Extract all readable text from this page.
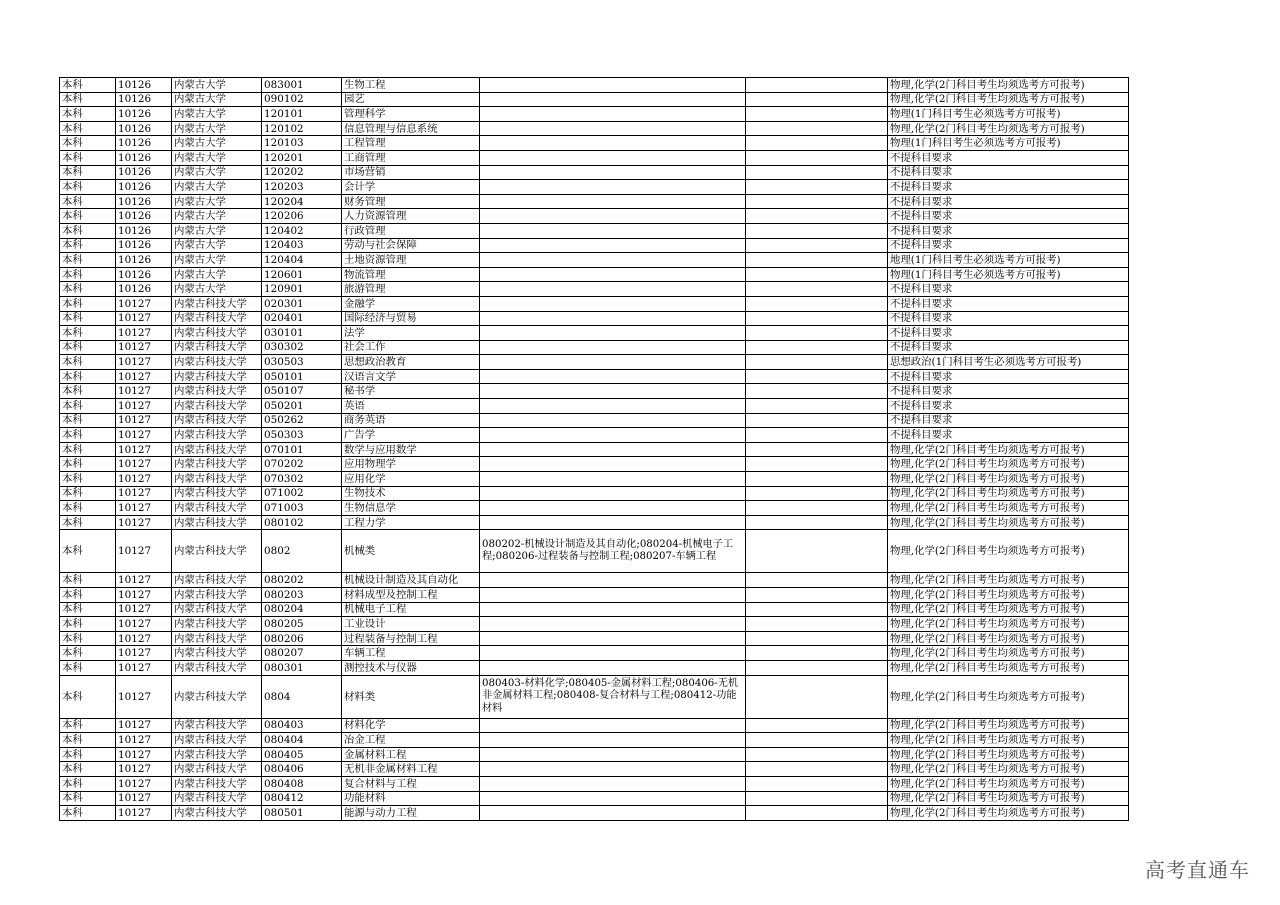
本科	10126	内蒙古大学	083001	生物工程			物理,化学(2门科目考生均须选考方可报考)
本科	10126	内蒙古大学	090102	园艺			物理,化学(2门科目考生均须选考方可报考)
本科	10126	内蒙古大学	120101	管理科学			物理(1门科目考生必须选考方可报考)
本科	10126	内蒙古大学	120102	信息管理与信息系统			物理,化学(2门科目考生均须选考方可报考)
本科	10126	内蒙古大学	120103	工程管理			物理(1门科目考生必须选考方可报考)
本科	10126	内蒙古大学	120201	工商管理			不提科目要求
本科	10126	内蒙古大学	120202	市场营销			不提科目要求
本科	10126	内蒙古大学	120203	会计学			不提科目要求
本科	10126	内蒙古大学	120204	财务管理			不提科目要求
本科	10126	内蒙古大学	120206	人力资源管理			不提科目要求
本科	10126	内蒙古大学	120402	行政管理			不提科目要求
本科	10126	内蒙古大学	120403	劳动与社会保障			不提科目要求
本科	10126	内蒙古大学	120404	土地资源管理			地理(1门科目考生必须选考方可报考)
本科	10126	内蒙古大学	120601	物流管理			物理(1门科目考生必须选考方可报考)
本科	10126	内蒙古大学	120901	旅游管理			不提科目要求
本科	10127	内蒙古科技大学	020301	金融学			不提科目要求
本科	10127	内蒙古科技大学	020401	国际经济与贸易			不提科目要求
本科	10127	内蒙古科技大学	030101	法学			不提科目要求
本科	10127	内蒙古科技大学	030302	社会工作			不提科目要求
本科	10127	内蒙古科技大学	030503	思想政治教育			思想政治(1门科目考生必须选考方可报考)
本科	10127	内蒙古科技大学	050101	汉语言文学			不提科目要求
本科	10127	内蒙古科技大学	050107	秘书学			不提科目要求
本科	10127	内蒙古科技大学	050201	英语			不提科目要求
本科	10127	内蒙古科技大学	050262	商务英语			不提科目要求
本科	10127	内蒙古科技大学	050303	广告学			不提科目要求
本科	10127	内蒙古科技大学	070101	数学与应用数学			物理,化学(2门科目考生均须选考方可报考)
本科	10127	内蒙古科技大学	070202	应用物理学			物理,化学(2门科目考生均须选考方可报考)
本科	10127	内蒙古科技大学	070302	应用化学			物理,化学(2门科目考生均须选考方可报考)
本科	10127	内蒙古科技大学	071002	生物技术			物理,化学(2门科目考生均须选考方可报考)
本科	10127	内蒙古科技大学	071003	生物信息学			物理,化学(2门科目考生均须选考方可报考)
本科	10127	内蒙古科技大学	080102	工程力学			物理,化学(2门科目考生均须选考方可报考)
本科	10127	内蒙古科技大学	0802	机械类	080202-机械设计制造及其自动化;080204-机械电子工程;080206-过程装备与控制工程;080207-车辆工程		物理,化学(2门科目考生均须选考方可报考)
本科	10127	内蒙古科技大学	080202	机械设计制造及其自动化			物理,化学(2门科目考生均须选考方可报考)
本科	10127	内蒙古科技大学	080203	材料成型及控制工程			物理,化学(2门科目考生均须选考方可报考)
本科	10127	内蒙古科技大学	080204	机械电子工程			物理,化学(2门科目考生均须选考方可报考)
本科	10127	内蒙古科技大学	080205	工业设计			物理,化学(2门科目考生均须选考方可报考)
本科	10127	内蒙古科技大学	080206	过程装备与控制工程			物理,化学(2门科目考生均须选考方可报考)
本科	10127	内蒙古科技大学	080207	车辆工程			物理,化学(2门科目考生均须选考方可报考)
本科	10127	内蒙古科技大学	080301	测控技术与仪器			物理,化学(2门科目考生均须选考方可报考)
本科	10127	内蒙古科技大学	0804	材料类	080403-材料化学;080405-金属材料工程;080406-无机非金属材料工程;080408-复合材料与工程;080412-功能材料		物理,化学(2门科目考生均须选考方可报考)
本科	10127	内蒙古科技大学	080403	材料化学			物理,化学(2门科目考生均须选考方可报考)
本科	10127	内蒙古科技大学	080404	冶金工程			物理,化学(2门科目考生均须选考方可报考)
本科	10127	内蒙古科技大学	080405	金属材料工程			物理,化学(2门科目考生均须选考方可报考)
本科	10127	内蒙古科技大学	080406	无机非金属材料工程			物理,化学(2门科目考生均须选考方可报考)
本科	10127	内蒙古科技大学	080408	复合材料与工程			物理,化学(2门科目考生均须选考方可报考)
本科	10127	内蒙古科技大学	080412	功能材料			物理,化学(2门科目考生均须选考方可报考)
本科	10127	内蒙古科技大学	080501	能源与动力工程			物理,化学(2门科目考生均须选考方可报考)
高考直通车
